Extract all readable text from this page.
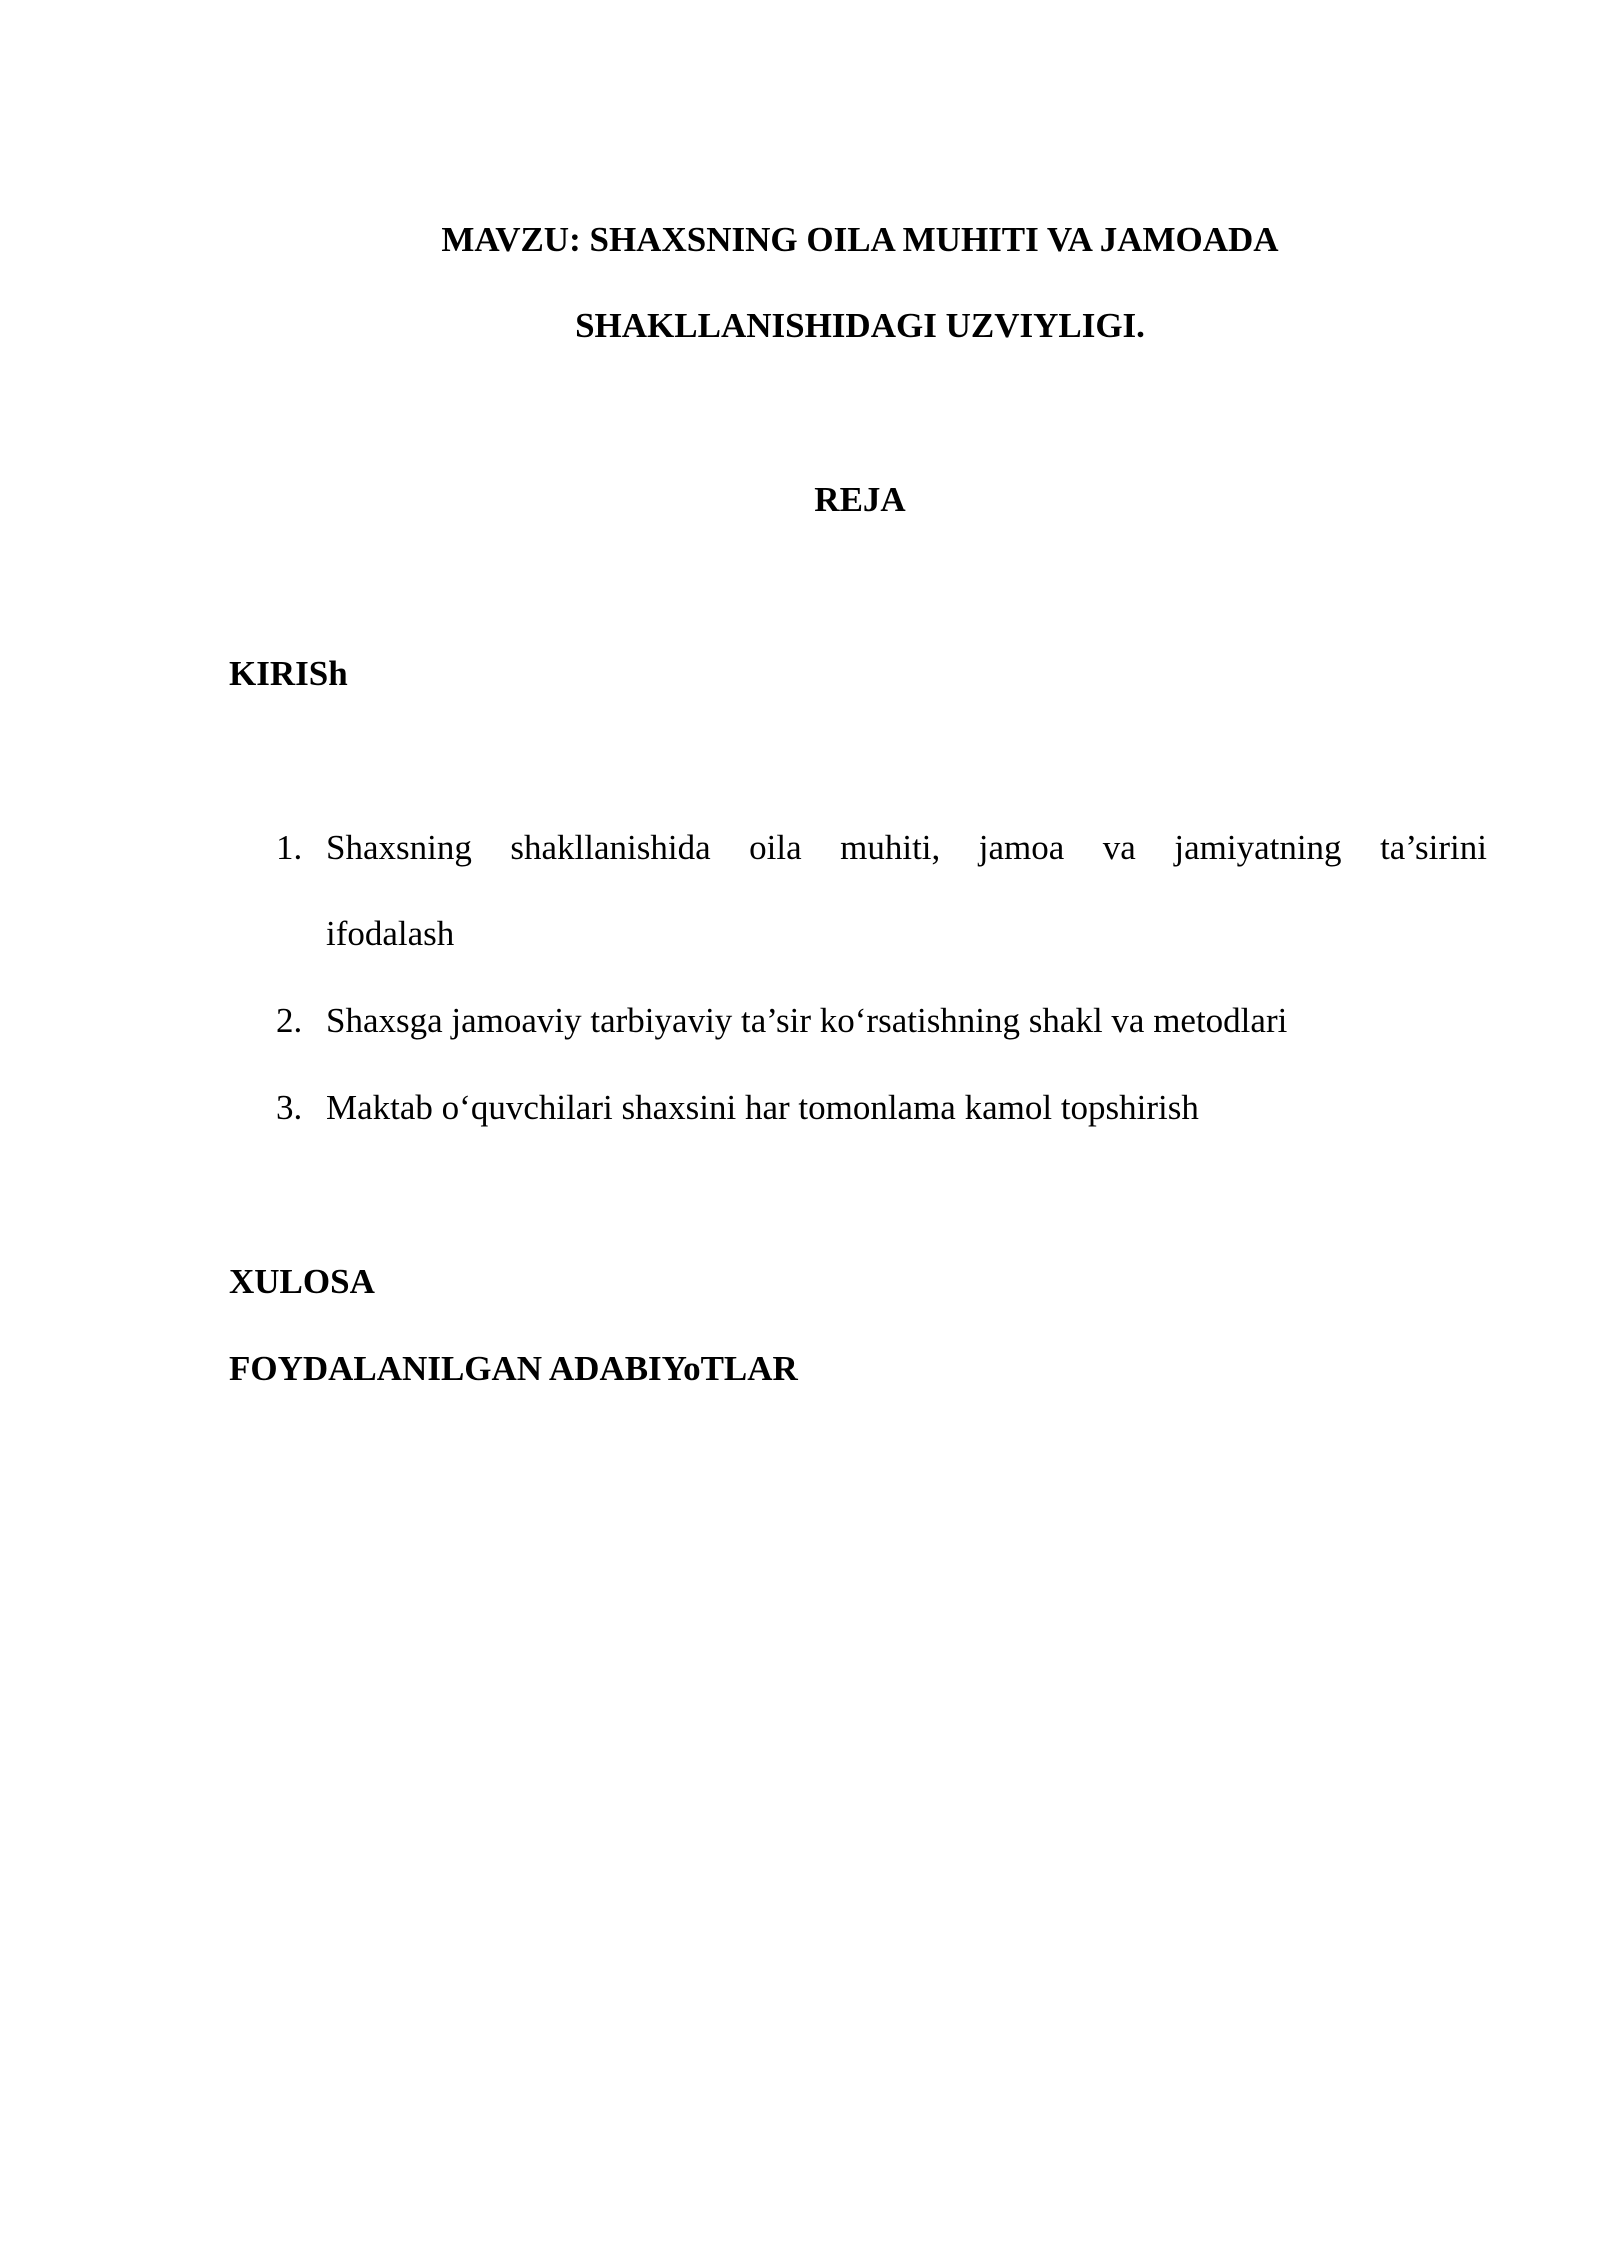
MAVZU: SHAXSNING OILA MUHITI VA JAMOADA
SHAKLLANISHIDAGI UZVIYLIGI.
REJA
KIRISh
1. Shaxsning shakllanishida oila muhiti, jamoa va jamiyatning ta’sirini
ifodalash
2. Shaxsga jamoaviy tarbiyaviy ta’sir ko‘rsatishning shakl va metodlari
3. Maktab o‘quvchilari shaxsini har tomonlama kamol topshirish
XULOSA
FOYDALANILGAN ADABIYoTLAR
